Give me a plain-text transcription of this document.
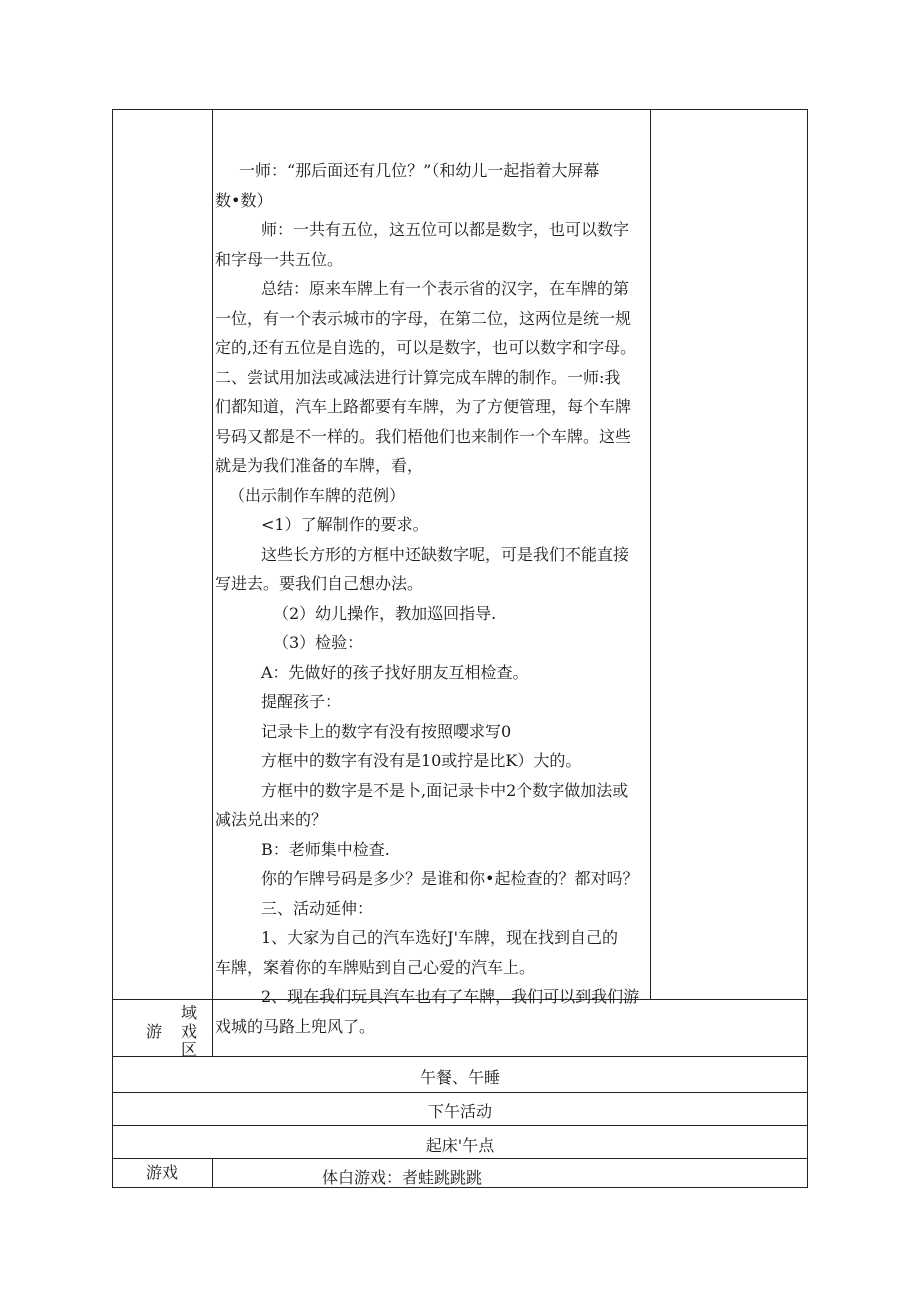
一师：“那后面还有几位？”（和幼儿一起指着大屏幕
数•数）
师：一共有五位，这五位可以都是数字，也可以数字
和字母一共五位。
总结：原来车牌上有一个表示省的汉字，在车牌的第
一位，有一个表示城市的字母，在第二位，这两位是统一规
定的,还有五位是自选的，可以是数字，也可以数字和字母。
二、尝试用加法或减法进行计算完成车牌的制作。一师:我
们都知道，汽车上路都要有车牌，为了方便管理，每个车牌
号码又都是不一样的。我们梧他们也来制作一个车牌。这些
就是为我们准备的车牌，看，
（出示制作车牌的范例）
<1）了解制作的要求。
这些长方形的方框中还缺数字呢，可是我们不能直接
写进去。要我们自己想办法。
（2）幼儿操作，教加巡回指导.
（3）检验：
A：先做好的孩子找好朋友互相检查。
提醒孩子：
记录卡上的数字有没有按照嘤求写0
方框中的数字有没有是10或拧是比K）大的。
方框中的数字是不是卜,面记录卡中2个数字做加法或
减法兑出来的？
B：老师集中检查.
你的乍牌号码是多少？是谁和你•起检查的？都对吗？
三、活动延伸：
1、大家为自己的汽车选好J'车牌，现在找到自己的
车牌，案着你的车牌贴到自己心爱的汽车上。
2、现在我们玩具汽车也有了车牌，我们可以到我们游
戏城的马路上兜风了。
域
游 戏
区
午餐、午睡
下午活动
起床'午点
游戏	体白游戏：者蛙跳跳跳
